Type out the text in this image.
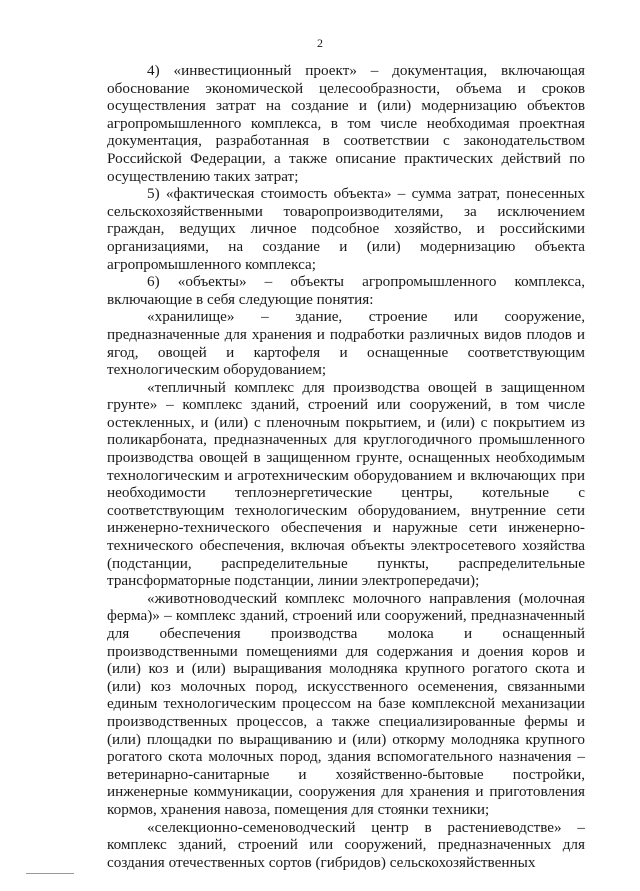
2

4) «инвестиционный проект» – документация, включающая обоснование экономической целесообразности, объема и сроков осуществления затрат на создание и (или) модернизацию объектов агропромышленного комплекса, в том числе необходимая проектная документация, разработанная в соответствии с законодательством Российской Федерации, а также описание практических действий по осуществлению таких затрат;

5) «фактическая стоимость объекта» – сумма затрат, понесенных сельскохозяйственными товаропроизводителями, за исключением граждан, ведущих личное подсобное хозяйство, и российскими организациями, на создание и (или) модернизацию объекта агропромышленного комплекса;

6) «объекты» – объекты агропромышленного комплекса, включающие в себя следующие понятия:

«хранилище» – здание, строение или сооружение, предназначенные для хранения и подработки различных видов плодов и ягод, овощей и картофеля и оснащенные соответствующим технологическим оборудованием;

«тепличный комплекс для производства овощей в защищенном грунте» – комплекс зданий, строений или сооружений, в том числе остекленных, и (или) с пленочным покрытием, и (или) с покрытием из поликарбоната, предназначенных для круглогодичного промышленного производства овощей в защищенном грунте, оснащенных необходимым технологическим и агротехническим оборудованием и включающих при необходимости теплоэнергетические центры, котельные с соответствующим технологическим оборудованием, внутренние сети инженерно-технического обеспечения и наружные сети инженерно-технического обеспечения, включая объекты электросетевого хозяйства (подстанции, распределительные пункты, распределительные трансформаторные подстанции, линии электропередачи);

«животноводческий комплекс молочного направления (молочная ферма)» – комплекс зданий, строений или сооружений, предназначенный для обеспечения производства молока и оснащенный производственными помещениями для содержания и доения коров и (или) коз и (или) выращивания молодняка крупного рогатого скота и (или) коз молочных пород, искусственного осеменения, связанными единым технологическим процессом на базе комплексной механизации производственных процессов, а также специализированные фермы и (или) площадки по выращиванию и (или) откорму молодняка крупного рогатого скота молочных пород, здания вспомогательного назначения – ветеринарно-санитарные и хозяйственно-бытовые постройки, инженерные коммуникации, сооружения для хранения и приготовления кормов, хранения навоза, помещения для стоянки техники;

«селекционно-семеноводческий центр в растениеводстве» – комплекс зданий, строений или сооружений, предназначенных для создания отечественных сортов (гибридов) сельскохозяйственных
